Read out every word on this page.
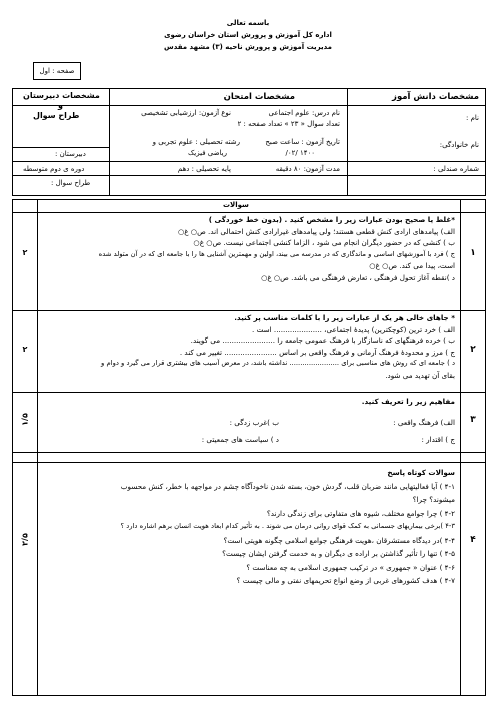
باسمه تعالی
اداره کل آموزش و پرورش استان خراسان رضوی
مدیریت آموزش و پرورش ناحیه (۳) مشهد مقدس
صفحه : اول
مشخصات دانش آموز
مشخصات امتحان
مشخصات دبیرستان
و
طراح سوال	نام :
نام خانوادگی:
شماره صندلی :
نام درس: علوم اجتماعی
نوع آزمون: ارزشیابی تشخیصی
تعداد سوال « ۲۳ » تعداد صفحه : ۲
تاریخ آزمون : ساعت صبح
۱۴۰۰ /۰۲/
رشته تحصیلی : علوم تجربی و
ریاضی فیزیک
مدت آزمون: ۸۰ دقیقه
پایه تحصیلی : دهم
دبیرستان :
دوره ی دوم متوسطه
طراح سوال :
سوالات
۱
۲

*غلط یا صحیح بودن عبارات زیر را مشخص کنید . (بدون خط خوردگی )

الف) پیامدهای ارادی کنش قطعی هستند؛ ولی پیامدهای غیرارادی کنش احتمالی اند. ص○ غ○

ب ) کنشی که در حضور دیگران انجام می شود ، الزاما کنشی اجتماعی نیست. ص○ غ○

ج ) فرد با آموزشهای اساسی و ماندگاری که در مدرسه می بیند، اولین و مهمترین آشنایی ها را با جامعه ای که در آن متولد شده

است، پیدا می کند. ص○ غ○

د )نقطه آغاز تحول فرهنگی ، تعارض فرهنگی می باشد. ص○ غ○

۲
۲

* جاهای خالی هر یک از عبارات زیر را با کلمات مناسب پر کنید.

الف ) خرد ترین (کوچکترین) پدیدۀ اجتماعی، ..................... است .

ب ) خرده فرهنگهای که ناسازگار با فرهنگ عمومی جامعه را ....................... می گویند.

ج ) مرز و محدودۀ فرهنگ آرمانی و فرهنگ واقعی بر اساس ....................... تغییر می کند .

د ) جامعه ای که روش های مناسبی برای ....................... نداشته باشد، در معرض آسیب های بیشتری قرار می گیرد و دوام و

بقای آن تهدید می شود.

۳
۱/۵

مفاهیم زیر را تعریف کنید.

الف) فرهنگ واقعی :
ب )غرب زدگی :
ج ) اقتدار :
د ) سیاست های جمعیتی :
۴
۲/۵

سوالات کوتاه پاسخ

۴-۱ ) آیا فعالیتهایی مانند ضربان قلب، گردش خون، بسته شدن ناخودآگاه چشم در مواجهه با خطر، کنش محسوب

میشوند؟ چرا؟

۴-۲ ) چرا جوامع مختلف، شیوه های متفاوتی برای زندگی دارند؟

۴-۳ )برخی بیماریهای جسمانی به کمک قوای روانی درمان می شوند . به تأثیر کدام ابعاد هویت انسان برهم اشاره دارد ؟

۴-۴ )در دیدگاه مستشرقان ،هویت فرهنگی جوامع اسلامی چگونه هویتی است؟

۴-۵ ) تنها را تأثیر گذاشتن بر اراده ی دیگران و به خدمت گرفتن ایشان چیست؟

۴-۶ ) عنوان « جمهوری » در ترکیب جمهوری اسلامی به چه معناست ؟

۴-۷ ) هدف کشورهای غربی از وضع انواع تحریمهای نفتی و مالی چیست ؟
